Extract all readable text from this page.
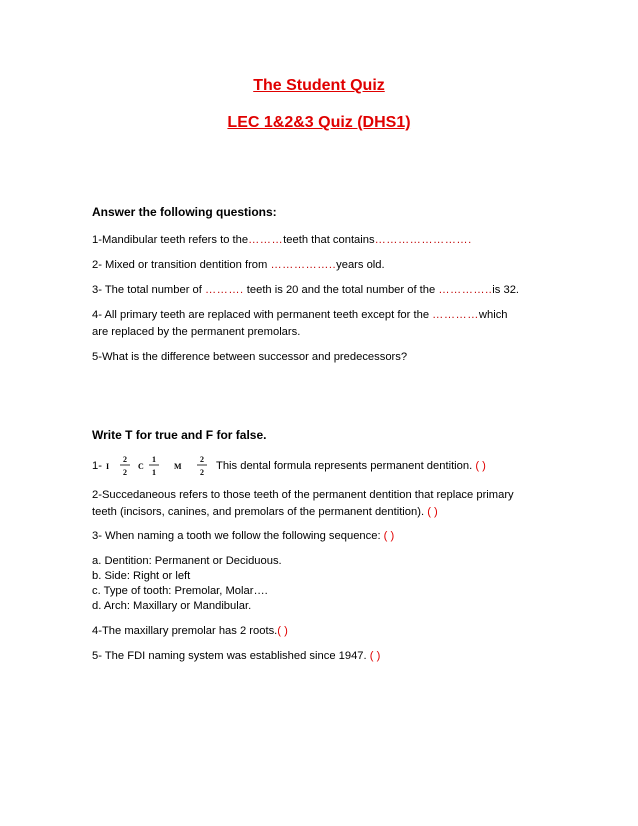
The Student Quiz
LEC 1&2&3 Quiz (DHS1)
Answer the following questions:
1-Mandibular teeth refers to the………teeth that contains…………………….
2- Mixed or transition dentition from ……………..years old.
3- The total number of ………. teeth is 20 and the total number of the …………..is 32.
4- All primary teeth are replaced with permanent teeth except for the …………which
are replaced by the permanent premolars.
5-What is the difference between successor and predecessors?
Write T for true and F for false.
1- I
2
2
C
1
1
M
2
2
This dental formula represents permanent dentition. ( )
2-Succedaneous refers to those teeth of the permanent dentition that replace primary
teeth (incisors, canines, and premolars of the permanent dentition). ( )
3- When naming a tooth we follow the following sequence: ( )
a. Dentition: Permanent or Deciduous.
b. Side: Right or left
c. Type of tooth: Premolar, Molar….
d. Arch: Maxillary or Mandibular.
4-The maxillary premolar has 2 roots.( )
5- The FDI naming system was established since 1947. ( )
